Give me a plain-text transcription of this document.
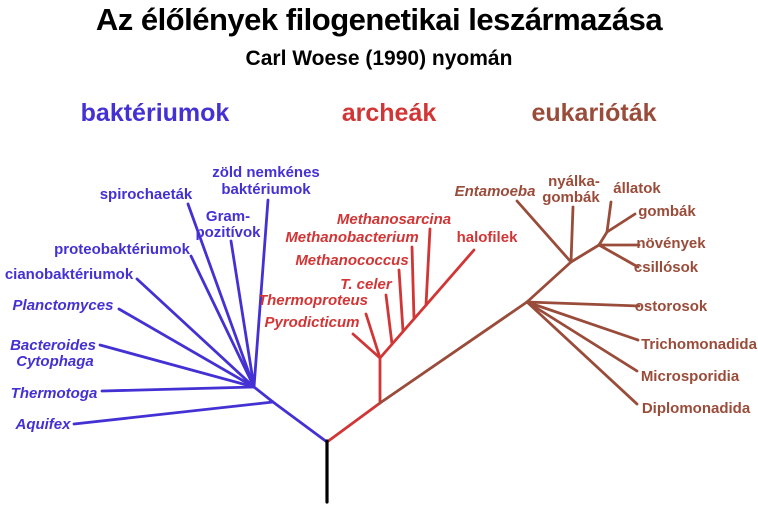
Az élőlények filogenetikai leszármazása
Carl Woese (1990) nyomán
zöld nemkénes
baktériumok
spirochaeták
Gram-
pozitívok
proteobaktériumok
cianobaktériumok
Planctomyces
Bacteroides
Cytophaga
Thermotoga
Aquifex
Methanosarcina
Methanobacterium
Methanococcus
T. celer
Thermoproteus
Pyrodicticum
halofilek
Entamoeba
nyálka-
gombák
állatok
gombák
növények
csillósok
ostorosok
Trichomonadida
Microsporidia
Diplomonadida
baktériumok	archeák	eukarióták
